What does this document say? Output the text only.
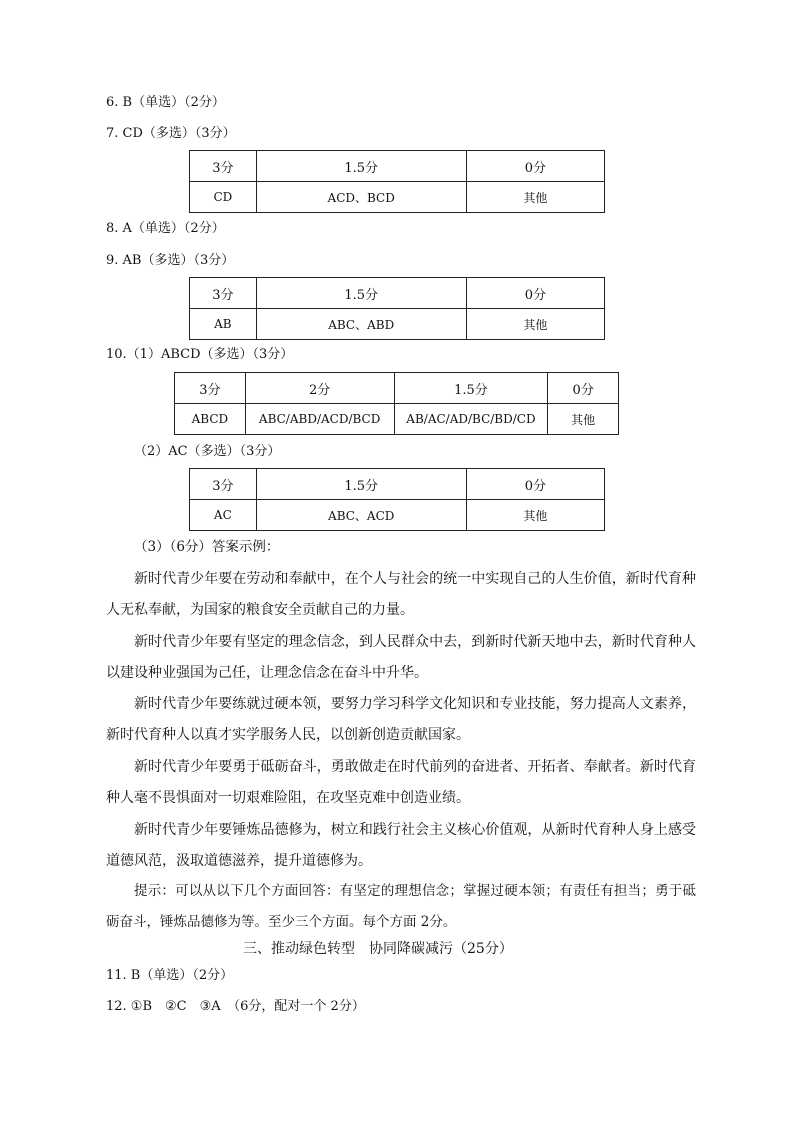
6. B（单选）（2分）
7. CD（多选）（3分）
3分	1.5分	0分
CD	ACD、BCD	其他
8. A（单选）（2分）
9. AB（多选）（3分）
3分	1.5分	0分
AB	ABC、ABD	其他
10.（1）ABCD（多选）（3分）
3分	2分	1.5分	0分
ABCD	ABC/ABD/ACD/BCD	AB/AC/AD/BC/BD/CD	其他
（2）AC（多选）（3分）
3分	1.5分	0分
AC	ABC、ACD	其他
（3）（6分）答案示例：
新时代青少年要在劳动和奉献中，在个人与社会的统一中实现自己的人生价值，新时代育种人无私奉献，为国家的粮食安全贡献自己的力量。
新时代青少年要有坚定的理念信念，到人民群众中去，到新时代新天地中去，新时代育种人以建设种业强国为己任，让理念信念在奋斗中升华。
新时代青少年要练就过硬本领，要努力学习科学文化知识和专业技能，努力提高人文素养，新时代育种人以真才实学服务人民，以创新创造贡献国家。
新时代青少年要勇于砥砺奋斗，勇敢做走在时代前列的奋进者、开拓者、奉献者。新时代育种人毫不畏惧面对一切艰难险阻，在攻坚克难中创造业绩。
新时代青少年要锤炼品德修为，树立和践行社会主义核心价值观，从新时代育种人身上感受道德风范，汲取道德滋养，提升道德修为。
提示：可以从以下几个方面回答：有坚定的理想信念；掌握过硬本领；有责任有担当；勇于砥砺奋斗，锤炼品德修为等。至少三个方面。每个方面 2分。
三、推动绿色转型　协同降碳减污（25分）
11. B（单选）（2分）
12. ①B　②C　③A　（6分，配对一个 2分）
